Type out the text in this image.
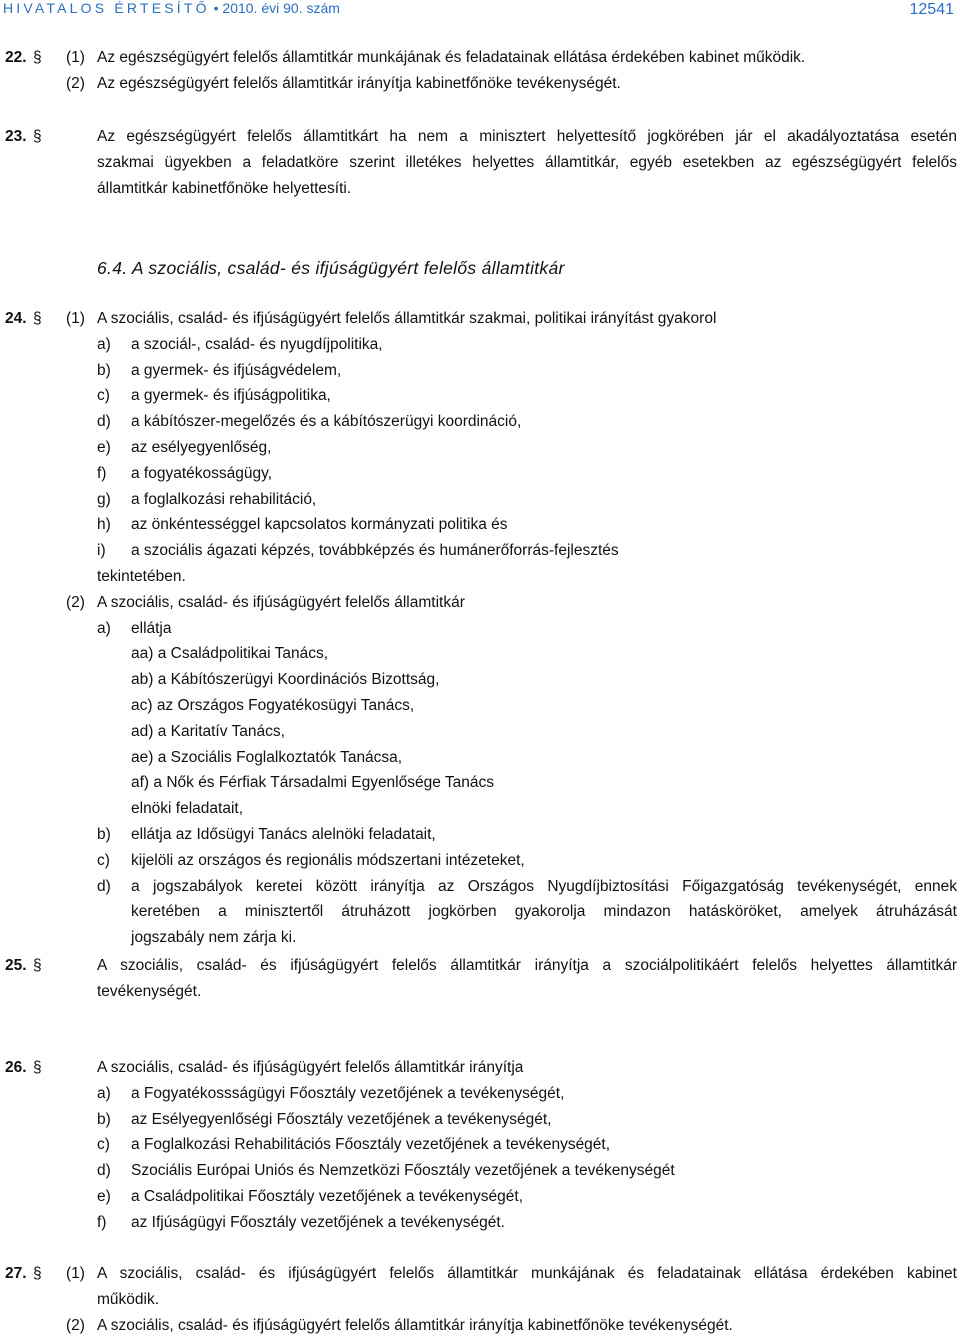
HIVATALOS ÉRTESÍTŐ • 2010. évi 90. szám	12541
22. § (1) Az egészségügyért felelős államtitkár munkájának és feladatainak ellátása érdekében kabinet működik.
(2) Az egészségügyért felelős államtitkár irányítja kabinetfőnöke tevékenységét.
23. §	Az egészségügyért felelős államtitkárt ha nem a minisztert helyettesítő jogkörében jár el akadályoztatása esetén
szakmai ügyekben a feladatköre szerint illetékes helyettes államtitkár, egyéb esetekben az egészségügyért felelős
államtitkár kabinetfőnöke helyettesíti.
6.4. A szociális, család- és ifjúságügyért felelős államtitkár
24. § (1) A szociális, család- és ifjúságügyért felelős államtitkár szakmai, politikai irányítást gyakorol
a) a szociál-, család- és nyugdíjpolitika,
b) a gyermek- és ifjúságvédelem,
c) a gyermek- és ifjúságpolitika,
d) a kábítószer-megelőzés és a kábítószerügyi koordináció,
e) az esélyegyenlőség,
f) a fogyatékosságügy,
g) a foglalkozási rehabilitáció,
h) az önkéntességgel kapcsolatos kormányzati politika és
i) a szociális ágazati képzés, továbbképzés és humánerőforrás-fejlesztés
tekintetében.
(2) A szociális, család- és ifjúságügyért felelős államtitkár
a) ellátja
aa) a Családpolitikai Tanács,
ab) a Kábítószerügyi Koordinációs Bizottság,
ac) az Országos Fogyatékosügyi Tanács,
ad) a Karitatív Tanács,
ae) a Szociális Foglalkoztatók Tanácsa,
af) a Nők és Férfiak Társadalmi Egyenlősége Tanács
elnöki feladatait,
b) ellátja az Idősügyi Tanács alelnöki feladatait,
c) kijelöli az országos és regionális módszertani intézeteket,
d) a jogszabályok keretei között irányítja az Országos Nyugdíjbiztosítási Főigazgatóság tevékenységét, ennek
keretében a minisztertől átruházott jogkörben gyakorolja mindazon hatásköröket, amelyek átruházását
jogszabály nem zárja ki.
25. §	A szociális, család- és ifjúságügyért felelős államtitkár irányítja a szociálpolitikáért felelős helyettes államtitkár
tevékenységét.
26. §	A szociális, család- és ifjúságügyért felelős államtitkár irányítja
a) a Fogyatékossságügyi Főosztály vezetőjének a tevékenységét,
b) az Esélyegyenlőségi Főosztály vezetőjének a tevékenységét,
c) a Foglalkozási Rehabilitációs Főosztály vezetőjének a tevékenységét,
d) Szociális Európai Uniós és Nemzetközi Főosztály vezetőjének a tevékenységét
e) a Családpolitikai Főosztály vezetőjének a tevékenységét,
f) az Ifjúságügyi Főosztály vezetőjének a tevékenységét.
27. § (1) A szociális, család- és ifjúságügyért felelős államtitkár munkájának és feladatainak ellátása érdekében kabinet
működik.
(2) A szociális, család- és ifjúságügyért felelős államtitkár irányítja kabinetfőnöke tevékenységét.
